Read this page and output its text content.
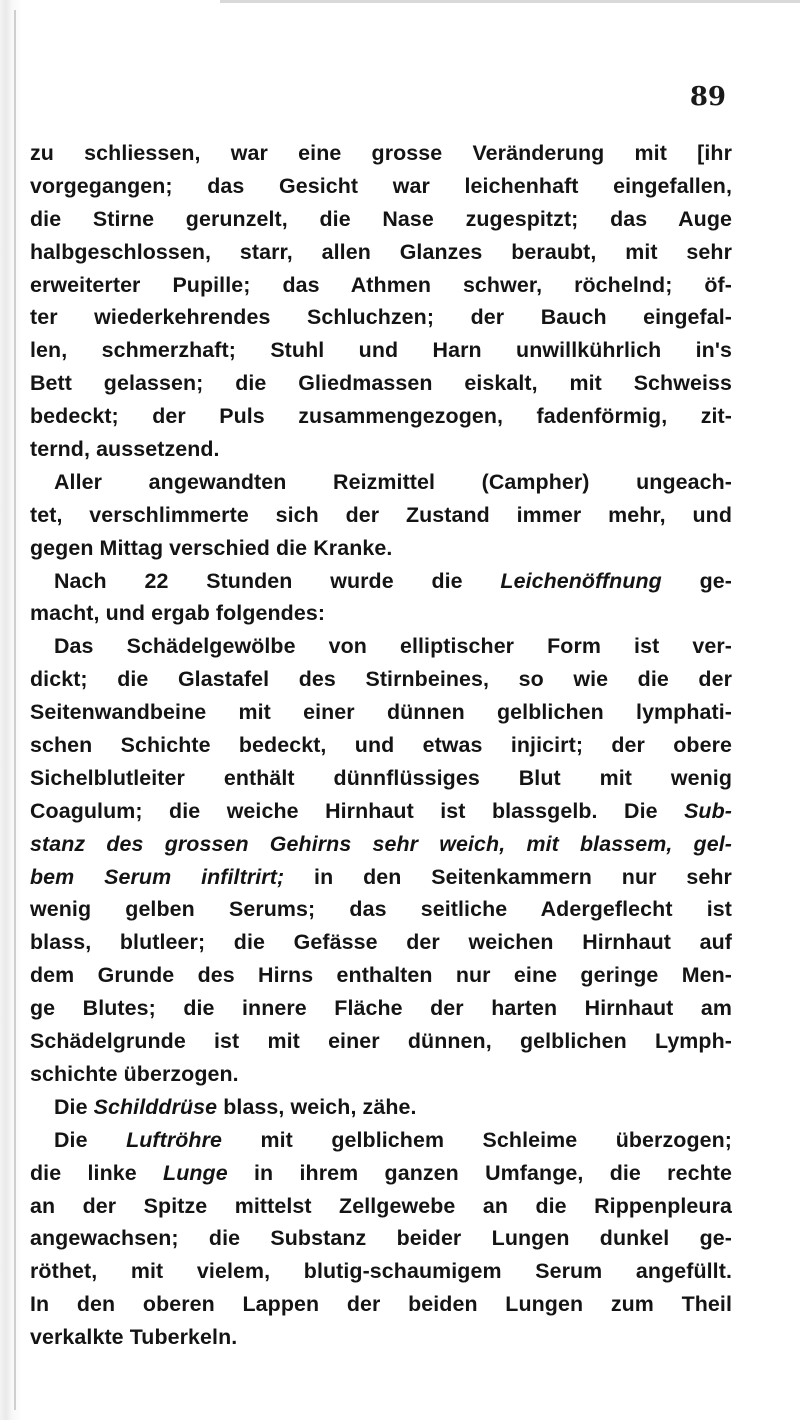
89
zu schliessen, war eine grosse Veränderung mit [ihr
vorgegangen; das Gesicht war leichenhaft eingefallen,
die Stirne gerunzelt, die Nase zugespitzt; das Auge
halbgeschlossen, starr, allen Glanzes beraubt, mit sehr
erweiterter Pupille; das Athmen schwer, röchelnd; öf-
ter wiederkehrendes Schluchzen; der Bauch eingefal-
len, schmerzhaft; Stuhl und Harn unwillkührlich in's
Bett gelassen; die Gliedmassen eiskalt, mit Schweiss
bedeckt; der Puls zusammengezogen, fadenförmig, zit-
ternd, aussetzend.
Aller angewandten Reizmittel (Campher) ungeach-
tet, verschlimmerte sich der Zustand immer mehr, und
gegen Mittag verschied die Kranke.
Nach 22 Stunden wurde die Leichenöffnung ge-
macht, und ergab folgendes:
Das Schädelgewölbe von elliptischer Form ist ver-
dickt; die Glastafel des Stirnbeines, so wie die der
Seitenwandbeine mit einer dünnen gelblichen lymphati-
schen Schichte bedeckt, und etwas injicirt; der obere
Sichelblutleiter enthält dünnflüssiges Blut mit wenig
Coagulum; die weiche Hirnhaut ist blassgelb. Die Sub-
stanz des grossen Gehirns sehr weich, mit blassem, gel-
bem Serum infiltrirt; in den Seitenkammern nur sehr
wenig gelben Serums; das seitliche Adergeflecht ist
blass, blutleer; die Gefässe der weichen Hirnhaut auf
dem Grunde des Hirns enthalten nur eine geringe Men-
ge Blutes; die innere Fläche der harten Hirnhaut am
Schädelgrunde ist mit einer dünnen, gelblichen Lymph-
schichte überzogen.
Die Schilddrüse blass, weich, zähe.
Die Luftröhre mit gelblichem Schleime überzogen;
die linke Lunge in ihrem ganzen Umfange, die rechte
an der Spitze mittelst Zellgewebe an die Rippenpleura
angewachsen; die Substanz beider Lungen dunkel ge-
röthet, mit vielem, blutig-schaumigem Serum angefüllt.
In den oberen Lappen der beiden Lungen zum Theil
verkalkte Tuberkeln.
